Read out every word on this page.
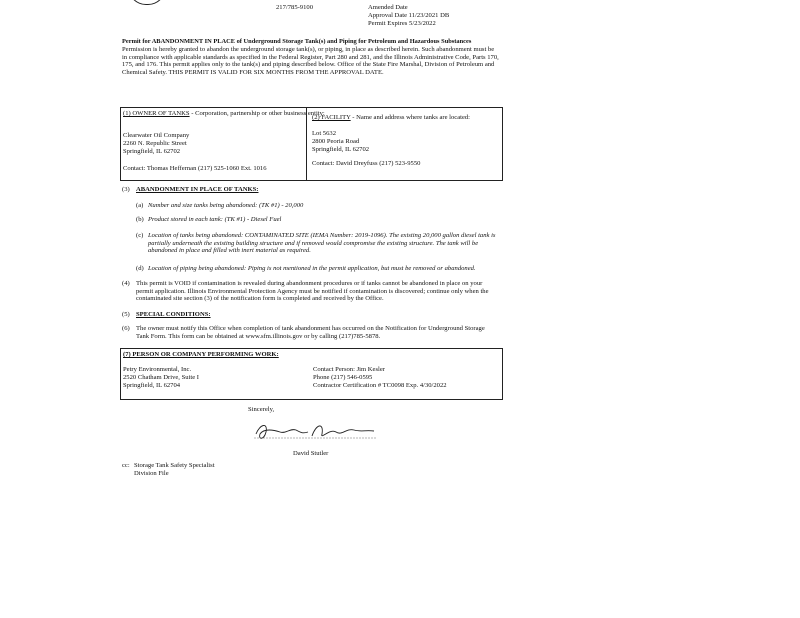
217/785-9100	Amended Date
Approval Date 11/23/2021 DB
Permit Expires 5/23/2022
Permit for ABANDONMENT IN PLACE of Underground Storage Tank(s) and Piping for Petroleum and Hazardous Substances
Permission is hereby granted to abandon the underground storage tank(s), or piping, in place as described herein. Such abandonment must be in compliance with applicable standards as specified in the Federal Register, Part 280 and 281, and the Illinois Administrative Code, Parts 170, 175, and 176. This permit applies only to the tank(s) and piping described below. Office of the State Fire Marshal, Division of Petroleum and Chemical Safety. THIS PERMIT IS VALID FOR SIX MONTHS FROM THE APPROVAL DATE.
(1) OWNER OF TANKS - Corporation, partnership or other business entity:
Clearwater Oil Company
2260 N. Republic Street
Springfield, IL 62702
Contact: Thomas Heffernan (217) 525-1060 Ext. 1016
(2) FACILITY - Name and address where tanks are located:
Lot 5632
2800 Peoria Road
Springfield, IL 62702
Contact: David Dreyfuss (217) 523-9550
(3) ABANDONMENT IN PLACE OF TANKS:
(a) Number and size tanks being abandoned: (TK #1) - 20,000
(b) Product stored in each tank: (TK #1) - Diesel Fuel
(c) Location of tanks being abandoned: CONTAMINATED SITE (IEMA Number: 2019-1096). The existing 20,000 gallon diesel tank is partially underneath the existing building structure and if removed would compromise the existing structure. The tank will be abandoned in place and filled with inert material as required.
(d) Location of piping being abandoned: Piping is not mentioned in the permit application, but must be removed or abandoned.
(4) This permit is VOID if contamination is revealed during abandonment procedures or if tanks cannot be abandoned in place on your permit application. Illinois Environmental Protection Agency must be notified if contamination is discovered; continue only when the contaminated site section (3) of the notification form is completed and received by the Office.
(5) SPECIAL CONDITIONS:
(6) The owner must notify this Office when completion of tank abandonment has occurred on the Notification for Underground Storage Tank Form. This form can be obtained at www.sfm.illinois.gov or by calling (217)785-5878.
(7) PERSON OR COMPANY PERFORMING WORK:
Petry Environmental, Inc.
2520 Chatham Drive, Suite I
Springfield, IL 62704
Contact Person: Jim Kesler
Phone (217) 546-0595
Contractor Certification # TC0098 Exp. 4/30/2022
Sincerely,
David Stutler
cc: Storage Tank Safety Specialist
Division File
